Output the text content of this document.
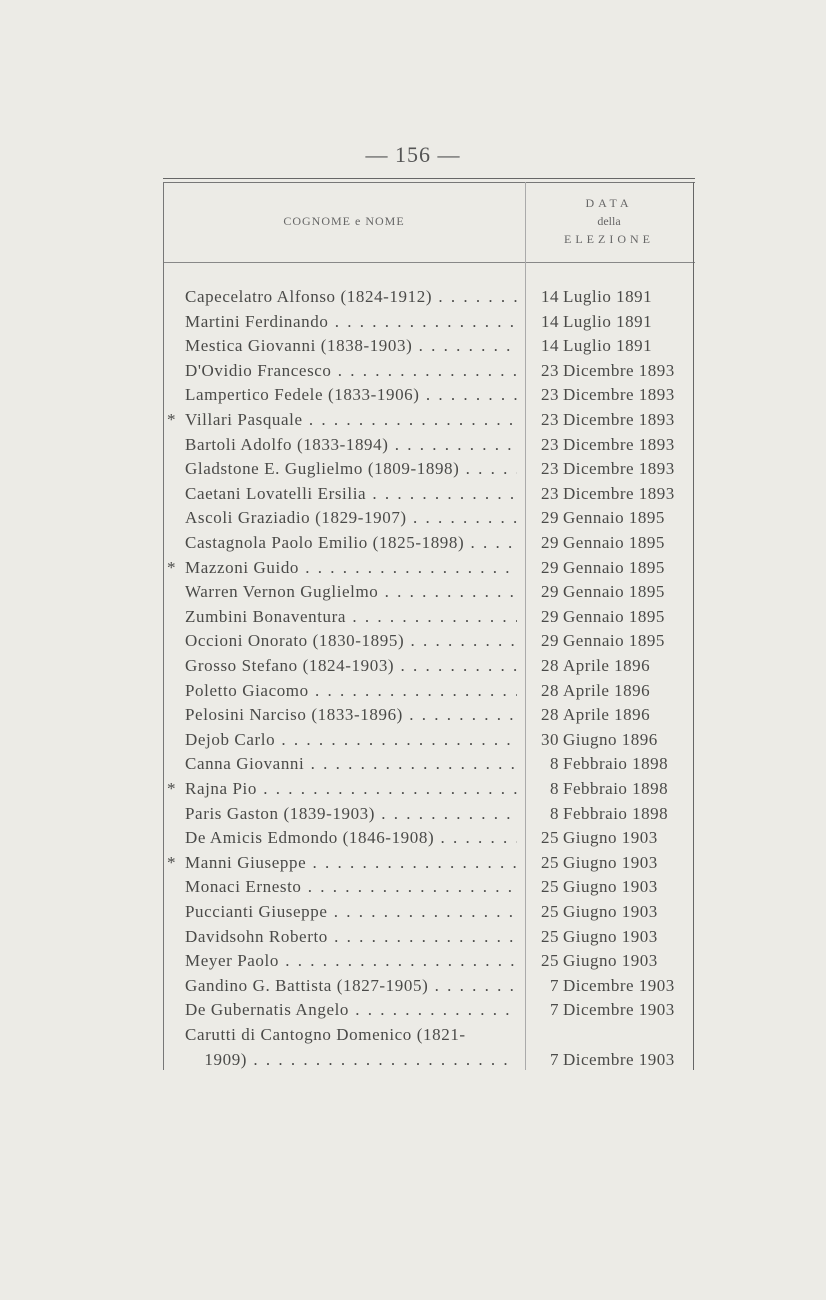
— 156 —
COGNOME e NOME
DATA
della
ELEZIONE
Capecelatro Alfonso (1824-1912) . . .	14 Luglio 1891
Martini Ferdinando . . .	14 Luglio 1891
Mestica Giovanni (1838-1903) . . .	14 Luglio 1891
D'Ovidio Francesco . . .	23 Dicembre 1893
Lampertico Fedele (1833-1906) . . .	23 Dicembre 1893
* Villari Pasquale . . .	23 Dicembre 1893
Bartoli Adolfo (1833-1894) . . .	23 Dicembre 1893
Gladstone E. Guglielmo (1809-1898) . . .	23 Dicembre 1893
Caetani Lovatelli Ersilia . . .	23 Dicembre 1893
Ascoli Graziadio (1829-1907) . . .	29 Gennaio 1895
Castagnola Paolo Emilio (1825-1898) . . .	29 Gennaio 1895
* Mazzoni Guido . . .	29 Gennaio 1895
Warren Vernon Guglielmo . . .	29 Gennaio 1895
Zumbini Bonaventura . . .	29 Gennaio 1895
Occioni Onorato (1830-1895) . . .	29 Gennaio 1895
Grosso Stefano (1824-1903) . . .	28 Aprile 1896
Poletto Giacomo . . .	28 Aprile 1896
Pelosini Narciso (1833-1896) . . .	28 Aprile 1896
Dejob Carlo . . .	30 Giugno 1896
Canna Giovanni . . .	8 Febbraio 1898
* Rajna Pio . . .	8 Febbraio 1898
Paris Gaston (1839-1903) . . .	8 Febbraio 1898
De Amicis Edmondo (1846-1908) . . .	25 Giugno 1903
* Manni Giuseppe . . .	25 Giugno 1903
Monaci Ernesto . . .	25 Giugno 1903
Puccianti Giuseppe . . .	25 Giugno 1903
Davidsohn Roberto . . .	25 Giugno 1903
Meyer Paolo . . .	25 Giugno 1903
Gandino G. Battista (1827-1905) . . .	7 Dicembre 1903
De Gubernatis Angelo . . .	7 Dicembre 1903
Carutti di Cantogno Domenico (1821-
1909) . . .	7 Dicembre 1903
